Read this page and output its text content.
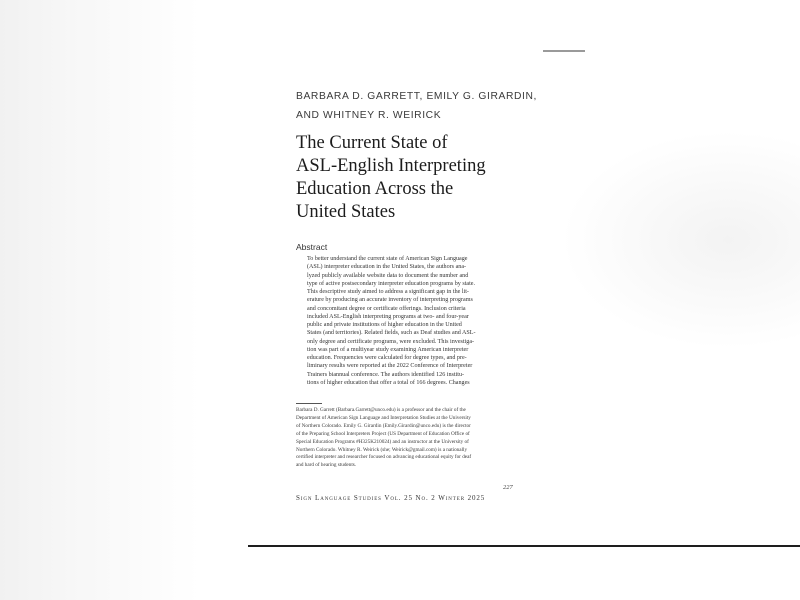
BARBARA D. GARRETT, EMILY G. GIRARDIN,
AND WHITNEY R. WEIRICK
The Current State of
ASL-English Interpreting
Education Across the
United States
Abstract
To better understand the current state of American Sign Language
(ASL) interpreter education in the United States, the authors ana-
lyzed publicly available website data to document the number and
type of active postsecondary interpreter education programs by state.
This descriptive study aimed to address a significant gap in the lit-
erature by producing an accurate inventory of interpreting programs
and concomitant degree or certificate offerings. Inclusion criteria
included ASL-English interpreting programs at two- and four-year
public and private institutions of higher education in the United
States (and territories). Related fields, such as Deaf studies and ASL-
only degree and certificate programs, were excluded. This investiga-
tion was part of a multiyear study examining American interpreter
education. Frequencies were calculated for degree types, and pre-
liminary results were reported at the 2022 Conference of Interpreter
Trainers biannual conference. The authors identified 126 institu-
tions of higher education that offer a total of 166 degrees. Changes
Barbara D. Garrett (Barbara.Garrett@unco.edu) is a professor and the chair of the
Department of American Sign Language and Interpretation Studies at the University
of Northern Colorado. Emily G. Girardin (Emily.Girardin@unco.edu) is the director
of the Preparing School Interpreters Project (US Department of Education Office of
Special Education Programs #H325K210024) and an instructor at the University of
Northern Colorado. Whitney R. Weirick (she; Weirick@gmail.com) is a nationally
certified interpreter and researcher focused on advancing educational equity for deaf
and hard of hearing students.
227
Sign Language Studies Vol. 25 No. 2 Winter 2025
